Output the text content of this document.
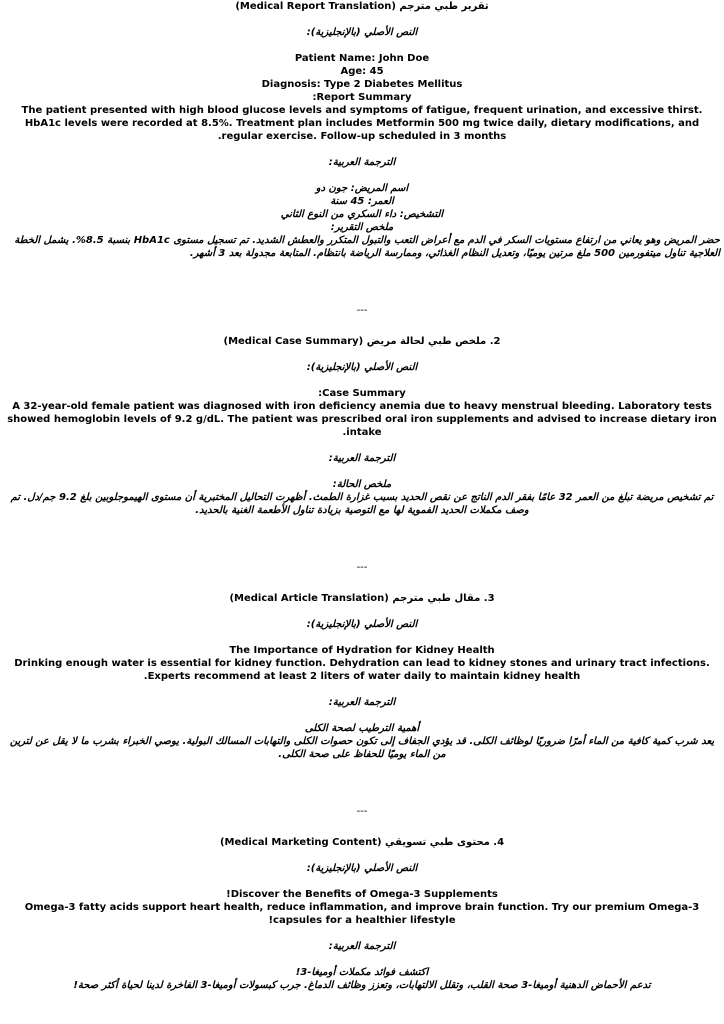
تقرير طبي مترجم (Medical Report Translation)
النص الأصلي (بالإنجليزية):
Patient Name: John Doe
Age: 45
Diagnosis: Type 2 Diabetes Mellitus
Report Summary:
The patient presented with high blood glucose levels and symptoms of fatigue, frequent urination, and excessive thirst. HbA1c levels were recorded at 8.5%. Treatment plan includes Metformin 500 mg twice daily, dietary modifications, and regular exercise. Follow-up scheduled in 3 months.
الترجمة العربية:
اسم المريض: جون دو
العمر: 45 سنة
التشخيص: داء السكري من النوع الثاني
ملخص التقرير:
حضر المريض وهو يعاني من ارتفاع مستويات السكر في الدم مع أعراض التعب والتبول المتكرر والعطش الشديد. تم تسجيل مستوى HbA1c بنسبة 8.5%. يشمل الخطة العلاجية تناول ميتفورمين 500 ملغ مرتين يوميًا، وتعديل النظام الغذائي، وممارسة الرياضة بانتظام. المتابعة مجدولة بعد 3 أشهر.
---
2. ملخص طبي لحالة مريض (Medical Case Summary)
النص الأصلي (بالإنجليزية):
Case Summary:
A 32-year-old female patient was diagnosed with iron deficiency anemia due to heavy menstrual bleeding. Laboratory tests showed hemoglobin levels of 9.2 g/dL. The patient was prescribed oral iron supplements and advised to increase dietary iron intake.
الترجمة العربية:
ملخص الحالة:
تم تشخيص مريضة تبلغ من العمر 32 عامًا بفقر الدم الناتج عن نقص الحديد بسبب غزارة الطمث. أظهرت التحاليل المختبرية أن مستوى الهيموجلوبين بلغ 9.2 جم/دل. تم وصف مكملات الحديد الفموية لها مع التوصية بزيادة تناول الأطعمة الغنية بالحديد.
---
3. مقال طبي مترجم (Medical Article Translation)
النص الأصلي (بالإنجليزية):
The Importance of Hydration for Kidney Health
Drinking enough water is essential for kidney function. Dehydration can lead to kidney stones and urinary tract infections. Experts recommend at least 2 liters of water daily to maintain kidney health.
الترجمة العربية:
أهمية الترطيب لصحة الكلى
يعد شرب كمية كافية من الماء أمرًا ضروريًا لوظائف الكلى. قد يؤدي الجفاف إلى تكون حصوات الكلى والتهابات المسالك البولية. يوصي الخبراء بشرب ما لا يقل عن لترين من الماء يوميًا للحفاظ على صحة الكلى.
---
4. محتوى طبي تسويقي (Medical Marketing Content)
النص الأصلي (بالإنجليزية):
Discover the Benefits of Omega-3 Supplements!
Omega-3 fatty acids support heart health, reduce inflammation, and improve brain function. Try our premium Omega-3 capsules for a healthier lifestyle!
الترجمة العربية:
اكتشف فوائد مكملات أوميغا-3!
تدعم الأحماض الدهنية أوميغا-3 صحة القلب، وتقلل الالتهابات، وتعزز وظائف الدماغ. جرب كبسولات أوميغا-3 الفاخرة لدينا لحياة أكثر صحة!
